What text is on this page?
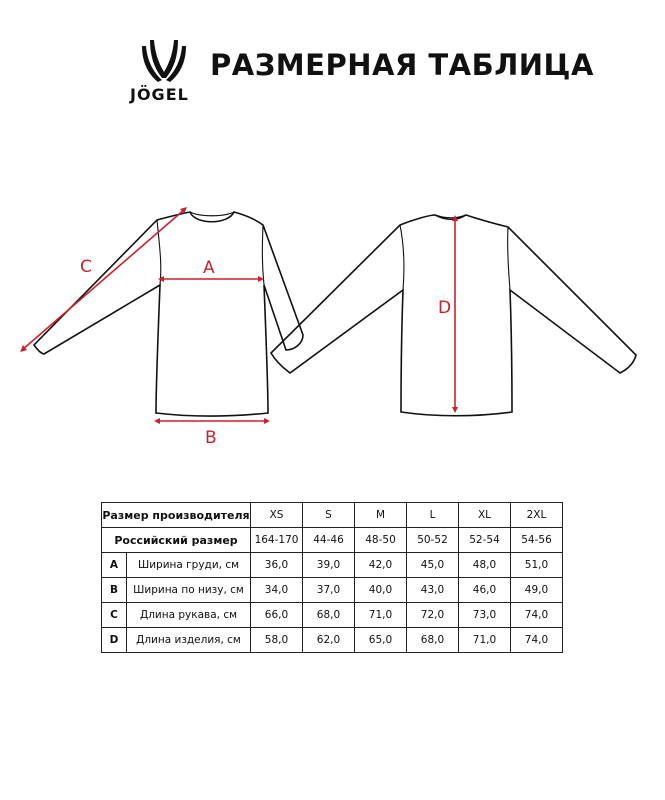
JÖGEL
РАЗМЕРНАЯ ТАБЛИЦА
A
B
C
D
Размер производителя		XS	S	M	L	XL	2XL
Российский размер		164-170	44-46	48-50	50-52	52-54	54-56
A	Ширина груди, см	36,0	39,0	42,0	45,0	48,0	51,0
B	Ширина по низу, см	34,0	37,0	40,0	43,0	46,0	49,0
C	Длина рукава, см	66,0	68,0	71,0	72,0	73,0	74,0
D	Длина изделия, см	58,0	62,0	65,0	68,0	71,0	74,0
